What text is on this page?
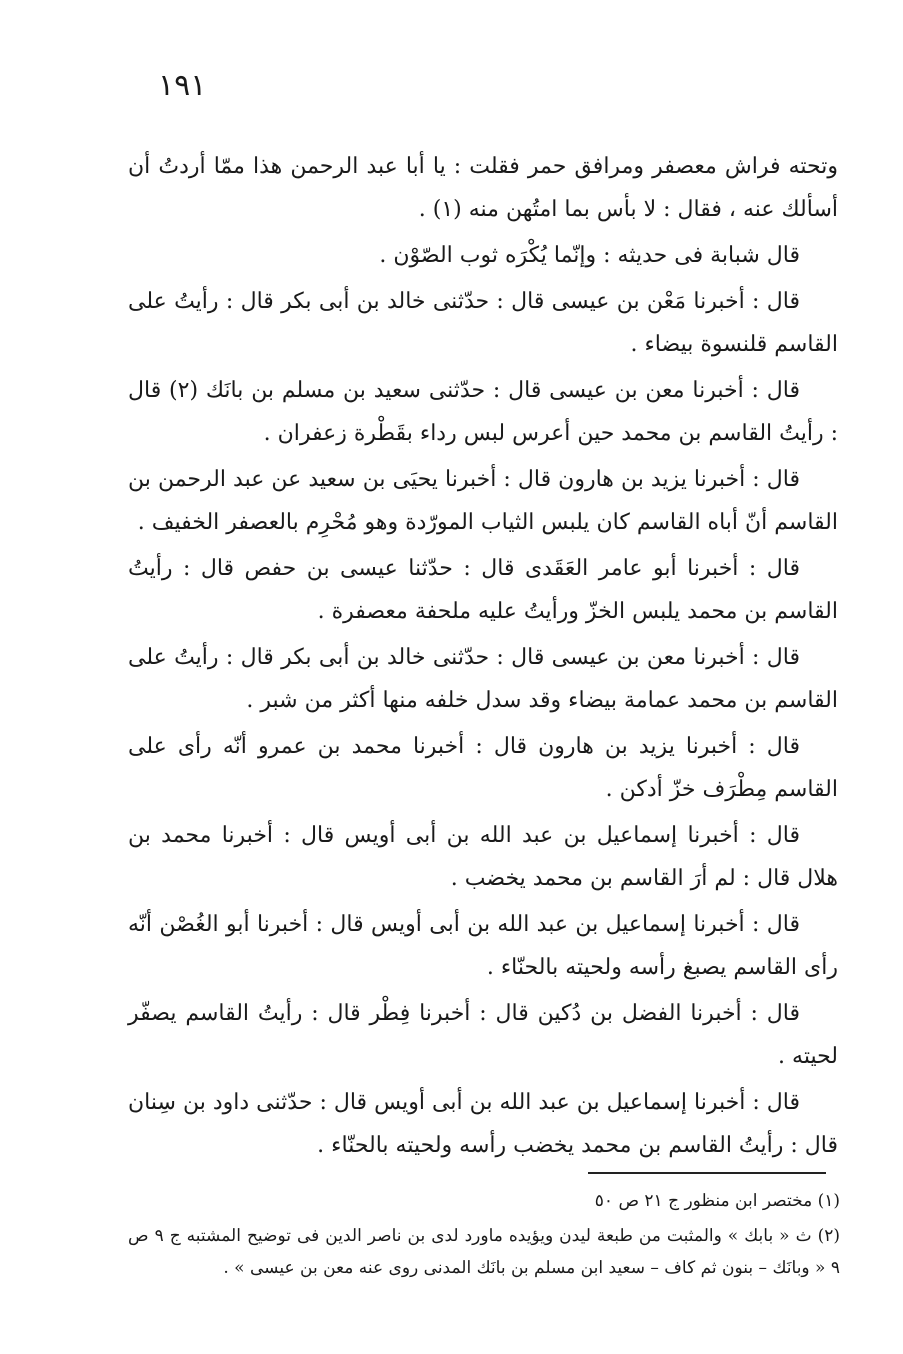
١٩١

وتحته فراش معصفر ومرافق حمر فقلت : يا أبا عبد الرحمن هذا ممّا أردتُ أن أسألك عنه ، فقال : لا بأس بما امتُهن منه (١) .

قال شبابة فى حديثه : وإنّما يُكْرَه ثوب الصّوْن .

قال : أخبرنا مَعْن بن عيسى قال : حدّثنى خالد بن أبى بكر قال : رأيتُ على القاسم قلنسوة بيضاء .

قال : أخبرنا معن بن عيسى قال : حدّثنى سعيد بن مسلم بن بانَك (٢) قال : رأيتُ القاسم بن محمد حين أعرس لبس رداء بقَطْرة زعفران .

قال : أخبرنا يزيد بن هارون قال : أخبرنا يحيَى بن سعيد عن عبد الرحمن بن القاسم أنّ أباه القاسم كان يلبس الثياب المورّدة وهو مُحْرِم بالعصفر الخفيف .

قال : أخبرنا أبو عامر العَقَدى قال : حدّثنا عيسى بن حفص قال : رأيتُ القاسم بن محمد يلبس الخزّ ورأيتُ عليه ملحفة معصفرة .

قال : أخبرنا معن بن عيسى قال : حدّثنى خالد بن أبى بكر قال : رأيتُ على القاسم بن محمد عمامة بيضاء وقد سدل خلفه منها أكثر من شبر .

قال : أخبرنا يزيد بن هارون قال : أخبرنا محمد بن عمرو أنّه رأى على القاسم مِطْرَف خزّ أدكن .

قال : أخبرنا إسماعيل بن عبد الله بن أبى أويس قال : أخبرنا محمد بن هلال قال : لم أرَ القاسم بن محمد يخضب .

قال : أخبرنا إسماعيل بن عبد الله بن أبى أويس قال : أخبرنا أبو الغُصْن أنّه رأى القاسم يصبغ رأسه ولحيته بالحنّاء .

قال : أخبرنا الفضل بن دُكين قال : أخبرنا فِطْر قال : رأيتُ القاسم يصفّر لحيته .

قال : أخبرنا إسماعيل بن عبد الله بن أبى أويس قال : حدّثنى داود بن سِنان قال : رأيتُ القاسم بن محمد يخضب رأسه ولحيته بالحنّاء .

(١) مختصر ابن منظور ج ٢١ ص ٥٠

(٢) ث « بابك » والمثبت من طبعة ليدن ويؤيده ماورد لدى بن ناصر الدين فى توضيح المشتبه ج ٩ ص ٩ « وبانَك – بنون ثم كاف – سعيد ابن مسلم بن بانَك المدنى روى عنه معن بن عيسى » .
